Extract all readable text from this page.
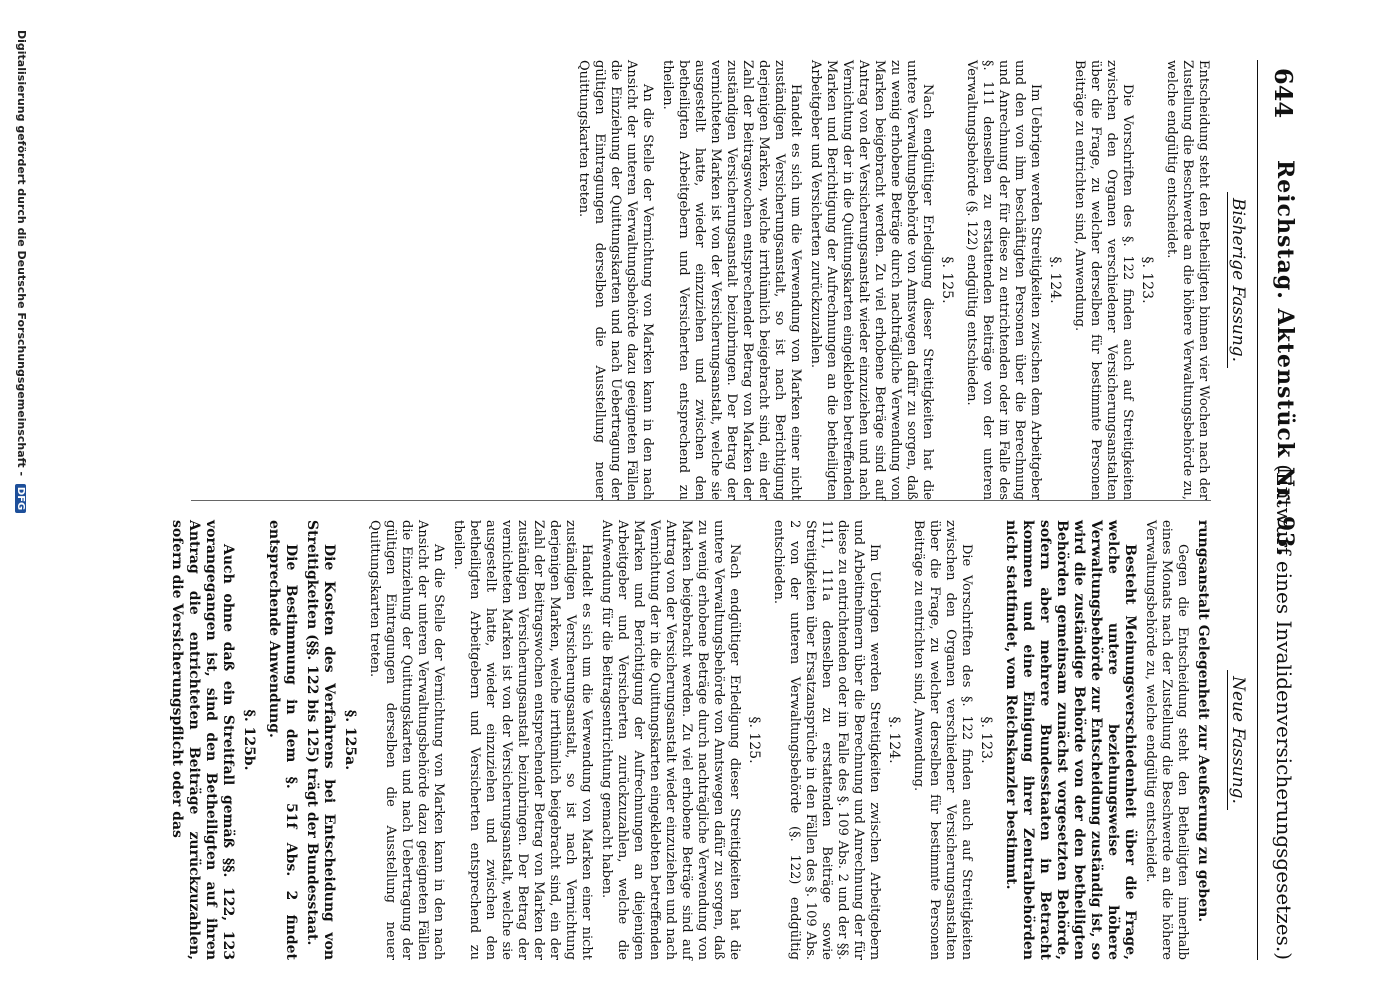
644
Reichstag. Aktenstück Nr. 93.
(Entwurf eines Invalidenversicherungsgesetzes.)
Bisherige Fassung.
Neue Fassung.

Entscheidung steht den Betheiligten binnen vier Wochen nach der Zustellung die Beschwerde an die höhere Verwaltungsbehörde zu, welche endgültig entscheidet.

§. 123.

Die Vorschriften des §. 122 finden auch auf Streitigkeiten zwischen den Organen verschiedener Versicherungsanstalten über die Frage, zu welcher derselben für bestimmte Personen Beiträge zu entrichten sind, Anwendung.

§. 124.

Im Uebrigen werden Streitigkeiten zwischen dem Arbeitgeber und den von ihm beschäftigten Personen über die Berechnung und Anrechnung der für diese zu entrichtenden oder im Falle des §. 111 denselben zu erstattenden Beiträge von der unteren Verwaltungsbehörde (§. 122) endgültig entschieden.

§. 125.

Nach endgültiger Erledigung dieser Streitigkeiten hat die untere Verwaltungsbehörde von Amtswegen dafür zu sorgen, daß zu wenig erhobene Beträge durch nachträgliche Verwendung von Marken beigebracht werden. Zu viel erhobene Beträge sind auf Antrag von der Versicherungsanstalt wieder einzuziehen und nach Vernichtung der in die Quittungskarten eingeklebten betreffenden Marken und Berichtigung der Aufrechnungen an die betheiligten Arbeitgeber und Versicherten zurückzuzahlen.

Handelt es sich um die Verwendung von Marken einer nicht zuständigen Versicherungsanstalt, so ist nach Berichtigung derjenigen Marken, welche irrthümlich beigebracht sind, ein der Zahl der Beitragswochen entsprechender Betrag von Marken der zuständigen Versicherungsanstalt beizubringen. Der Betrag der vernichteten Marken ist von der Versicherungsanstalt, welche sie ausgestellt hatte, wieder einzuziehen und zwischen den betheiligten Arbeitgebern und Versicherten entsprechend zu theilen.

An die Stelle der Vernichtung von Marken kann in den nach Ansicht der unteren Verwaltungsbehörde dazu geeigneten Fällen die Einziehung der Quittungskarten und nach Uebertragung der gültigen Eintragungen derselben die Ausstellung neuer Quittungskarten treten.

rungsanstalt Gelegenheit zur Aeußerung zu geben.

Gegen die Entscheidung steht den Betheiligten innerhalb eines Monats nach der Zustellung die Beschwerde an die höhere Verwaltungsbehörde zu, welche endgültig entscheidet.

Besteht Meinungsverschiedenheit über die Frage, welche untere beziehungsweise höhere Verwaltungsbehörde zur Entscheidung zuständig ist, so wird die zuständige Behörde von der den betheiligten Behörden gemeinsam zunächst vorgesetzten Behörde, sofern aber mehrere Bundesstaaten in Betracht kommen und eine Einigung ihrer Zentralbehörden nicht stattfindet, vom Reichskanzler bestimmt.

§. 123.

Die Vorschriften des §. 122 finden auch auf Streitigkeiten zwischen den Organen verschiedener Versicherungsanstalten über die Frage, zu welcher derselben für bestimmte Personen Beiträge zu entrichten sind, Anwendung.

§. 124.

Im Uebrigen werden Streitigkeiten zwischen Arbeitgebern und Arbeitnehmern über die Berechnung und Anrechnung der für diese zu entrichtenden oder im Falle des §. 109 Abs. 2 und der §§. 111, 111a denselben zu erstattenden Beiträge sowie Streitigkeiten über Ersatzansprüche in den Fällen des §. 109 Abs. 2 von der unteren Verwaltungsbehörde (§. 122) endgültig entschieden.

§. 125.

Nach endgültiger Erledigung dieser Streitigkeiten hat die untere Verwaltungsbehörde von Amtswegen dafür zu sorgen, daß zu wenig erhobene Beträge durch nachträgliche Verwendung von Marken beigebracht werden. Zu viel erhobene Beträge sind auf Antrag von der Versicherungsanstalt wieder einzuziehen und nach Vernichtung der in die Quittungskarten eingeklebten betreffenden Marken und Berichtigung der Aufrechnungen an diejenigen Arbeitgeber und Versicherten zurückzuzahlen, welche die Aufwendung für die Beitragsentrichtung gemacht haben.

Handelt es sich um die Verwendung von Marken einer nicht zuständigen Versicherungsanstalt, so ist nach Vernichtung derjenigen Marken, welche irrthümlich beigebracht sind, ein der Zahl der Beitragswochen entsprechender Betrag von Marken der zuständigen Versicherungsanstalt beizubringen. Der Betrag der vernichteten Marken ist von der Versicherungsanstalt, welche sie ausgestellt hatte, wieder einzuziehen und zwischen den betheiligten Arbeitgebern und Versicherten entsprechend zu theilen.

An die Stelle der Vernichtung von Marken kann in den nach Ansicht der unteren Verwaltungsbehörde dazu geeigneten Fällen die Einziehung der Quittungskarten und nach Uebertragung der gültigen Eintragungen derselben die Ausstellung neuer Quittungskarten treten.

§. 125a.

Die Kosten des Verfahrens bei Entscheidung von Streitigkeiten (§§. 122 bis 125) trägt der Bundesstaat.

Die Bestimmung in dem §. 51f Abs. 2 findet entsprechende Anwendung.

§. 125b.

Auch ohne daß ein Streitfall gemäß §§. 122, 123 vorangegangen ist, sind den Betheiligten auf ihren Antrag die entrichteten Beiträge zurückzuzahlen, sofern die Versicherungspflicht oder das

Digitalisierung gefördert durch die Deutsche Forschungsgemeinschaft - DFG
